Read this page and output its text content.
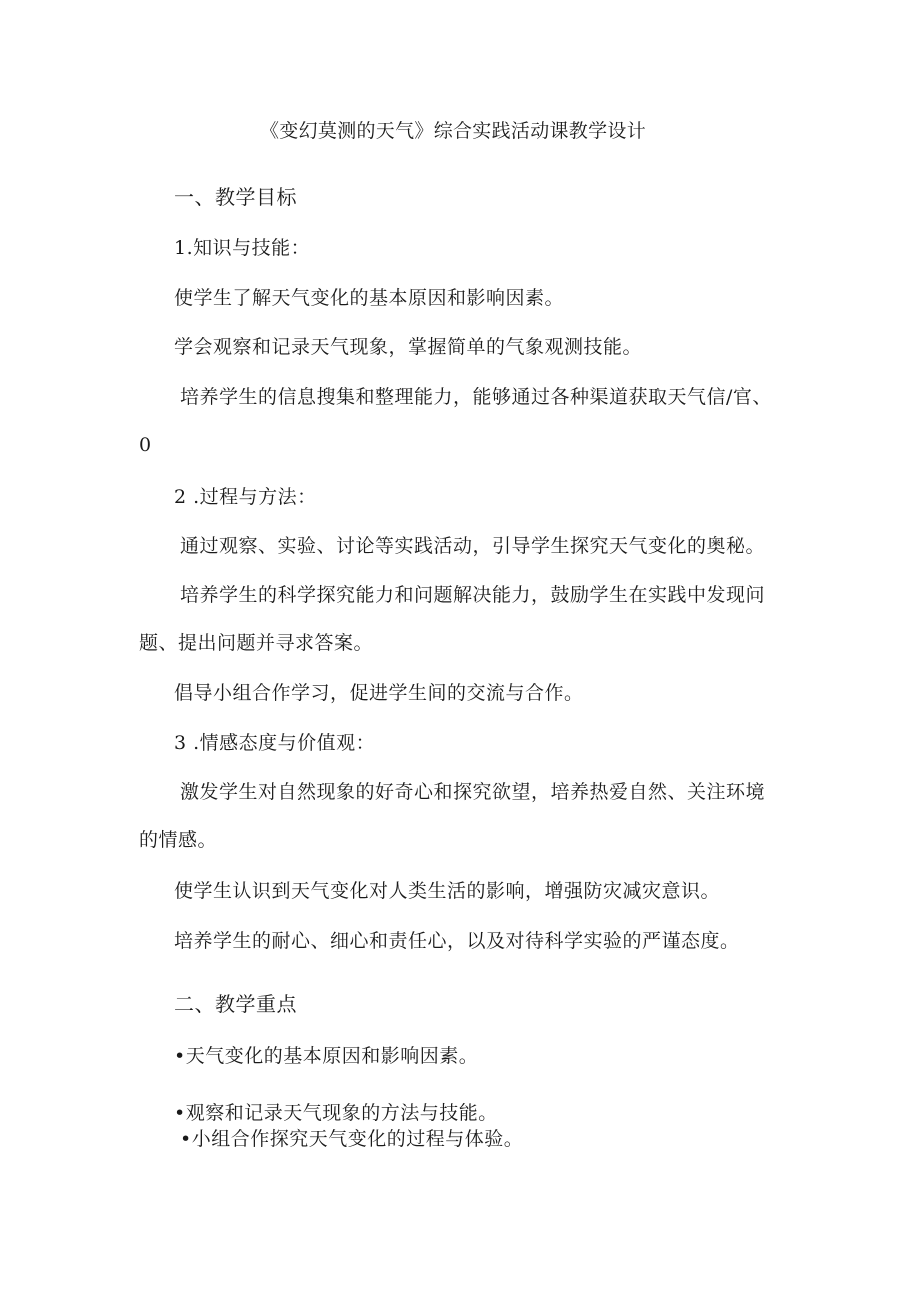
《变幻莫测的天气》综合实践活动课教学设计
一、教学目标
1.知识与技能：
使学生了解天气变化的基本原因和影响因素。
学会观察和记录天气现象，掌握简单的气象观测技能。
培养学生的信息搜集和整理能力，能够通过各种渠道获取天气信/官、
0
2 .过程与方法：
通过观察、实验、讨论等实践活动，引导学生探究天气变化的奥秘。
培养学生的科学探究能力和问题解决能力，鼓励学生在实践中发现问
题、提出问题并寻求答案。
倡导小组合作学习，促进学生间的交流与合作。
3 .情感态度与价值观：
激发学生对自然现象的好奇心和探究欲望，培养热爱自然、关注环境
的情感。
使学生认识到天气变化对人类生活的影响，增强防灾减灾意识。
培养学生的耐心、细心和责任心，以及对待科学实验的严谨态度。
二、教学重点
•天气变化的基本原因和影响因素。
•观察和记录天气现象的方法与技能。
•小组合作探究天气变化的过程与体验。
